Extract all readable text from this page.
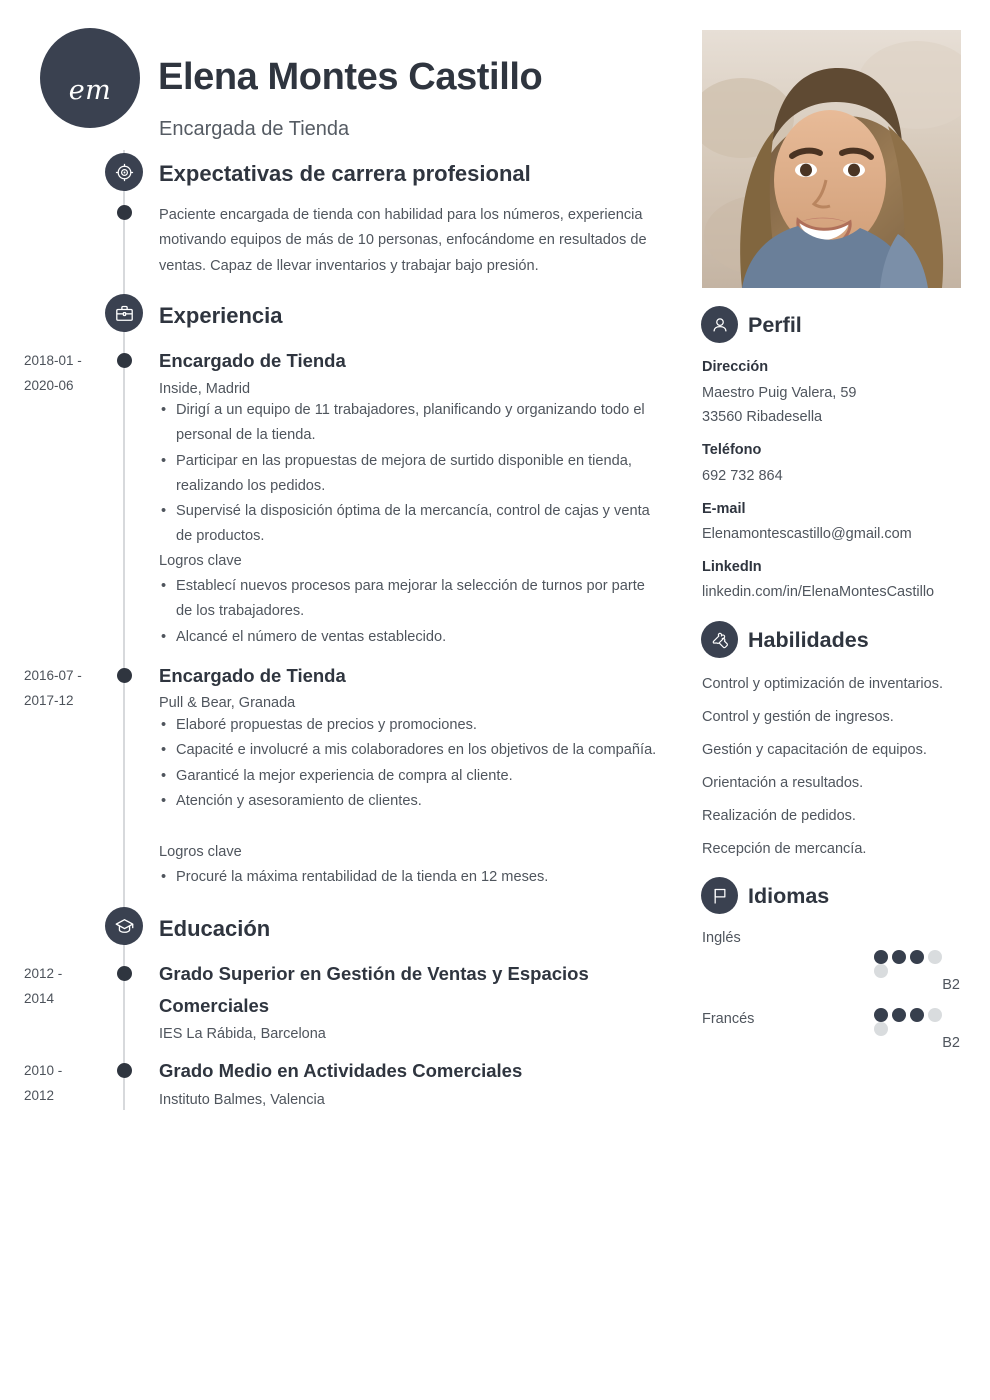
em Elena Montes Castillo
Encargada de Tienda
Expectativas de carrera profesional
Paciente encargada de tienda con habilidad para los números, experiencia motivando equipos de más de 10 personas, enfocándome en resultados de ventas. Capaz de llevar inventarios y trabajar bajo presión.
Experiencia
2018-01 -
2020-06
Encargado de Tienda
Inside, Madrid
• Dirigí a un equipo de 11 trabajadores, planificando y organizando todo el personal de la tienda.
• Participar en las propuestas de mejora de surtido disponible en tienda, realizando los pedidos.
• Supervisé la disposición óptima de la mercancía, control de cajas y venta de productos.
Logros clave
• Establecí nuevos procesos para mejorar la selección de turnos por parte de los trabajadores.
• Alcancé el número de ventas establecido.
2016-07 -
2017-12
Encargado de Tienda
Pull & Bear, Granada
• Elaboré propuestas de precios y promociones.
• Capacité e involucré a mis colaboradores en los objetivos de la compañía.
• Garanticé la mejor experiencia de compra al cliente.
• Atención y asesoramiento de clientes.
Logros clave
• Procuré la máxima rentabilidad de la tienda en 12 meses.
Educación
2012 -
2014
Grado Superior en Gestión de Ventas y Espacios Comerciales
IES La Rábida, Barcelona
2010 -
2012
Grado Medio en Actividades Comerciales
Instituto Balmes, Valencia
Perfil
Dirección
Maestro Puig Valera, 59
33560 Ribadesella
Teléfono
692 732 864
E-mail
Elenamontescastillo@gmail.com
LinkedIn
linkedin.com/in/ElenaMontesCastillo
Habilidades
Control y optimización de inventarios.
Control y gestión de ingresos.
Gestión y capacitación de equipos.
Orientación a resultados.
Realización de pedidos.
Recepción de mercancía.
Idiomas
Inglés
B2
Francés
B2
